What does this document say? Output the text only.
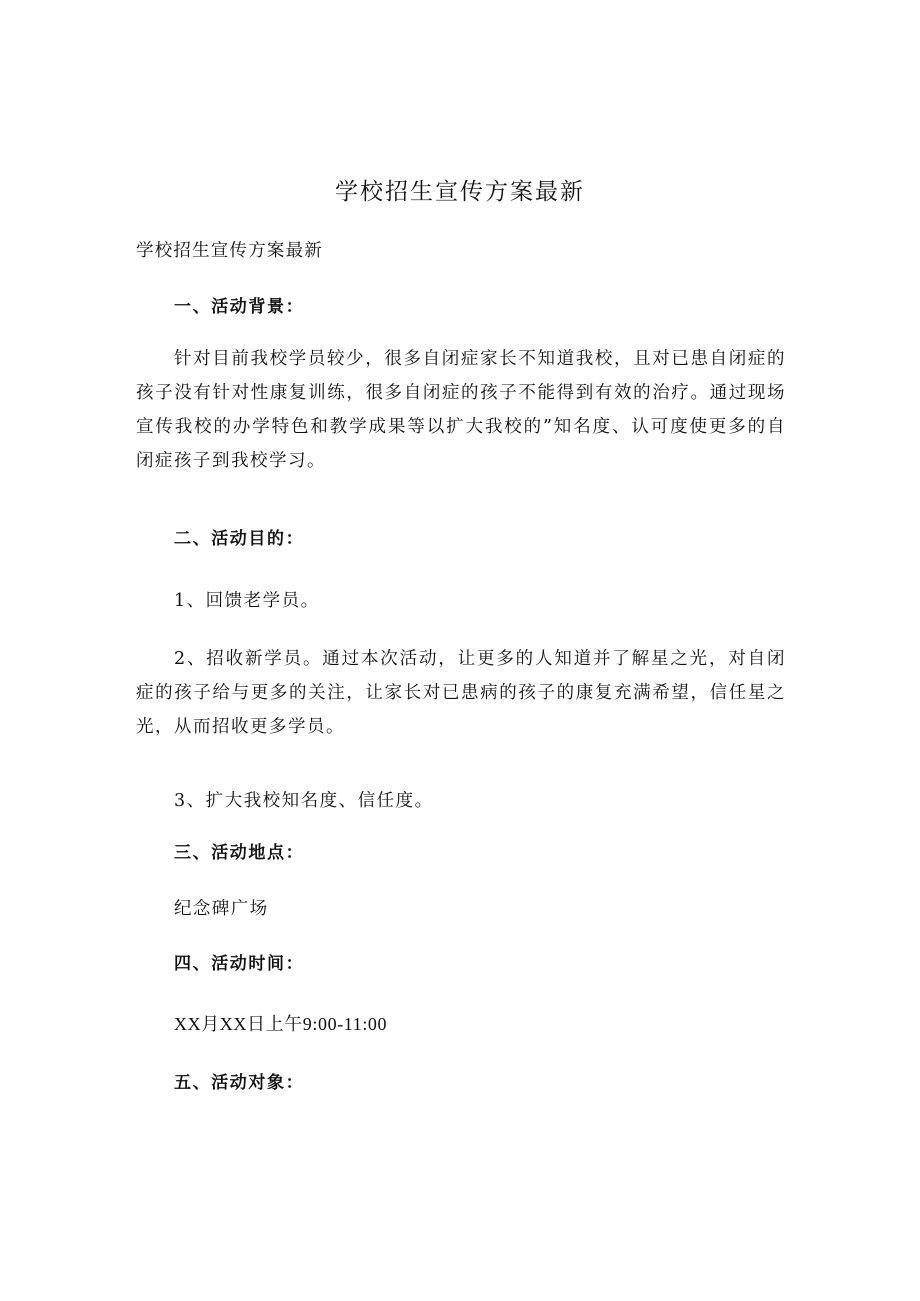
学校招生宣传方案最新

学校招生宣传方案最新

一、活动背景：

针对目前我校学员较少，很多自闭症家长不知道我校，且对已患自闭症的孩子没有针对性康复训练，很多自闭症的孩子不能得到有效的治疗。通过现场宣传我校的办学特色和教学成果等以扩大我校的”知名度、认可度使更多的自闭症孩子到我校学习。

二、活动目的：

1、回馈老学员。

2、招收新学员。通过本次活动，让更多的人知道并了解星之光，对自闭症的孩子给与更多的关注，让家长对已患病的孩子的康复充满希望，信任星之光，从而招收更多学员。

3、扩大我校知名度、信任度。

三、活动地点：

纪念碑广场

四、活动时间：

XX月XX日上午9:00-11:00

五、活动对象：
